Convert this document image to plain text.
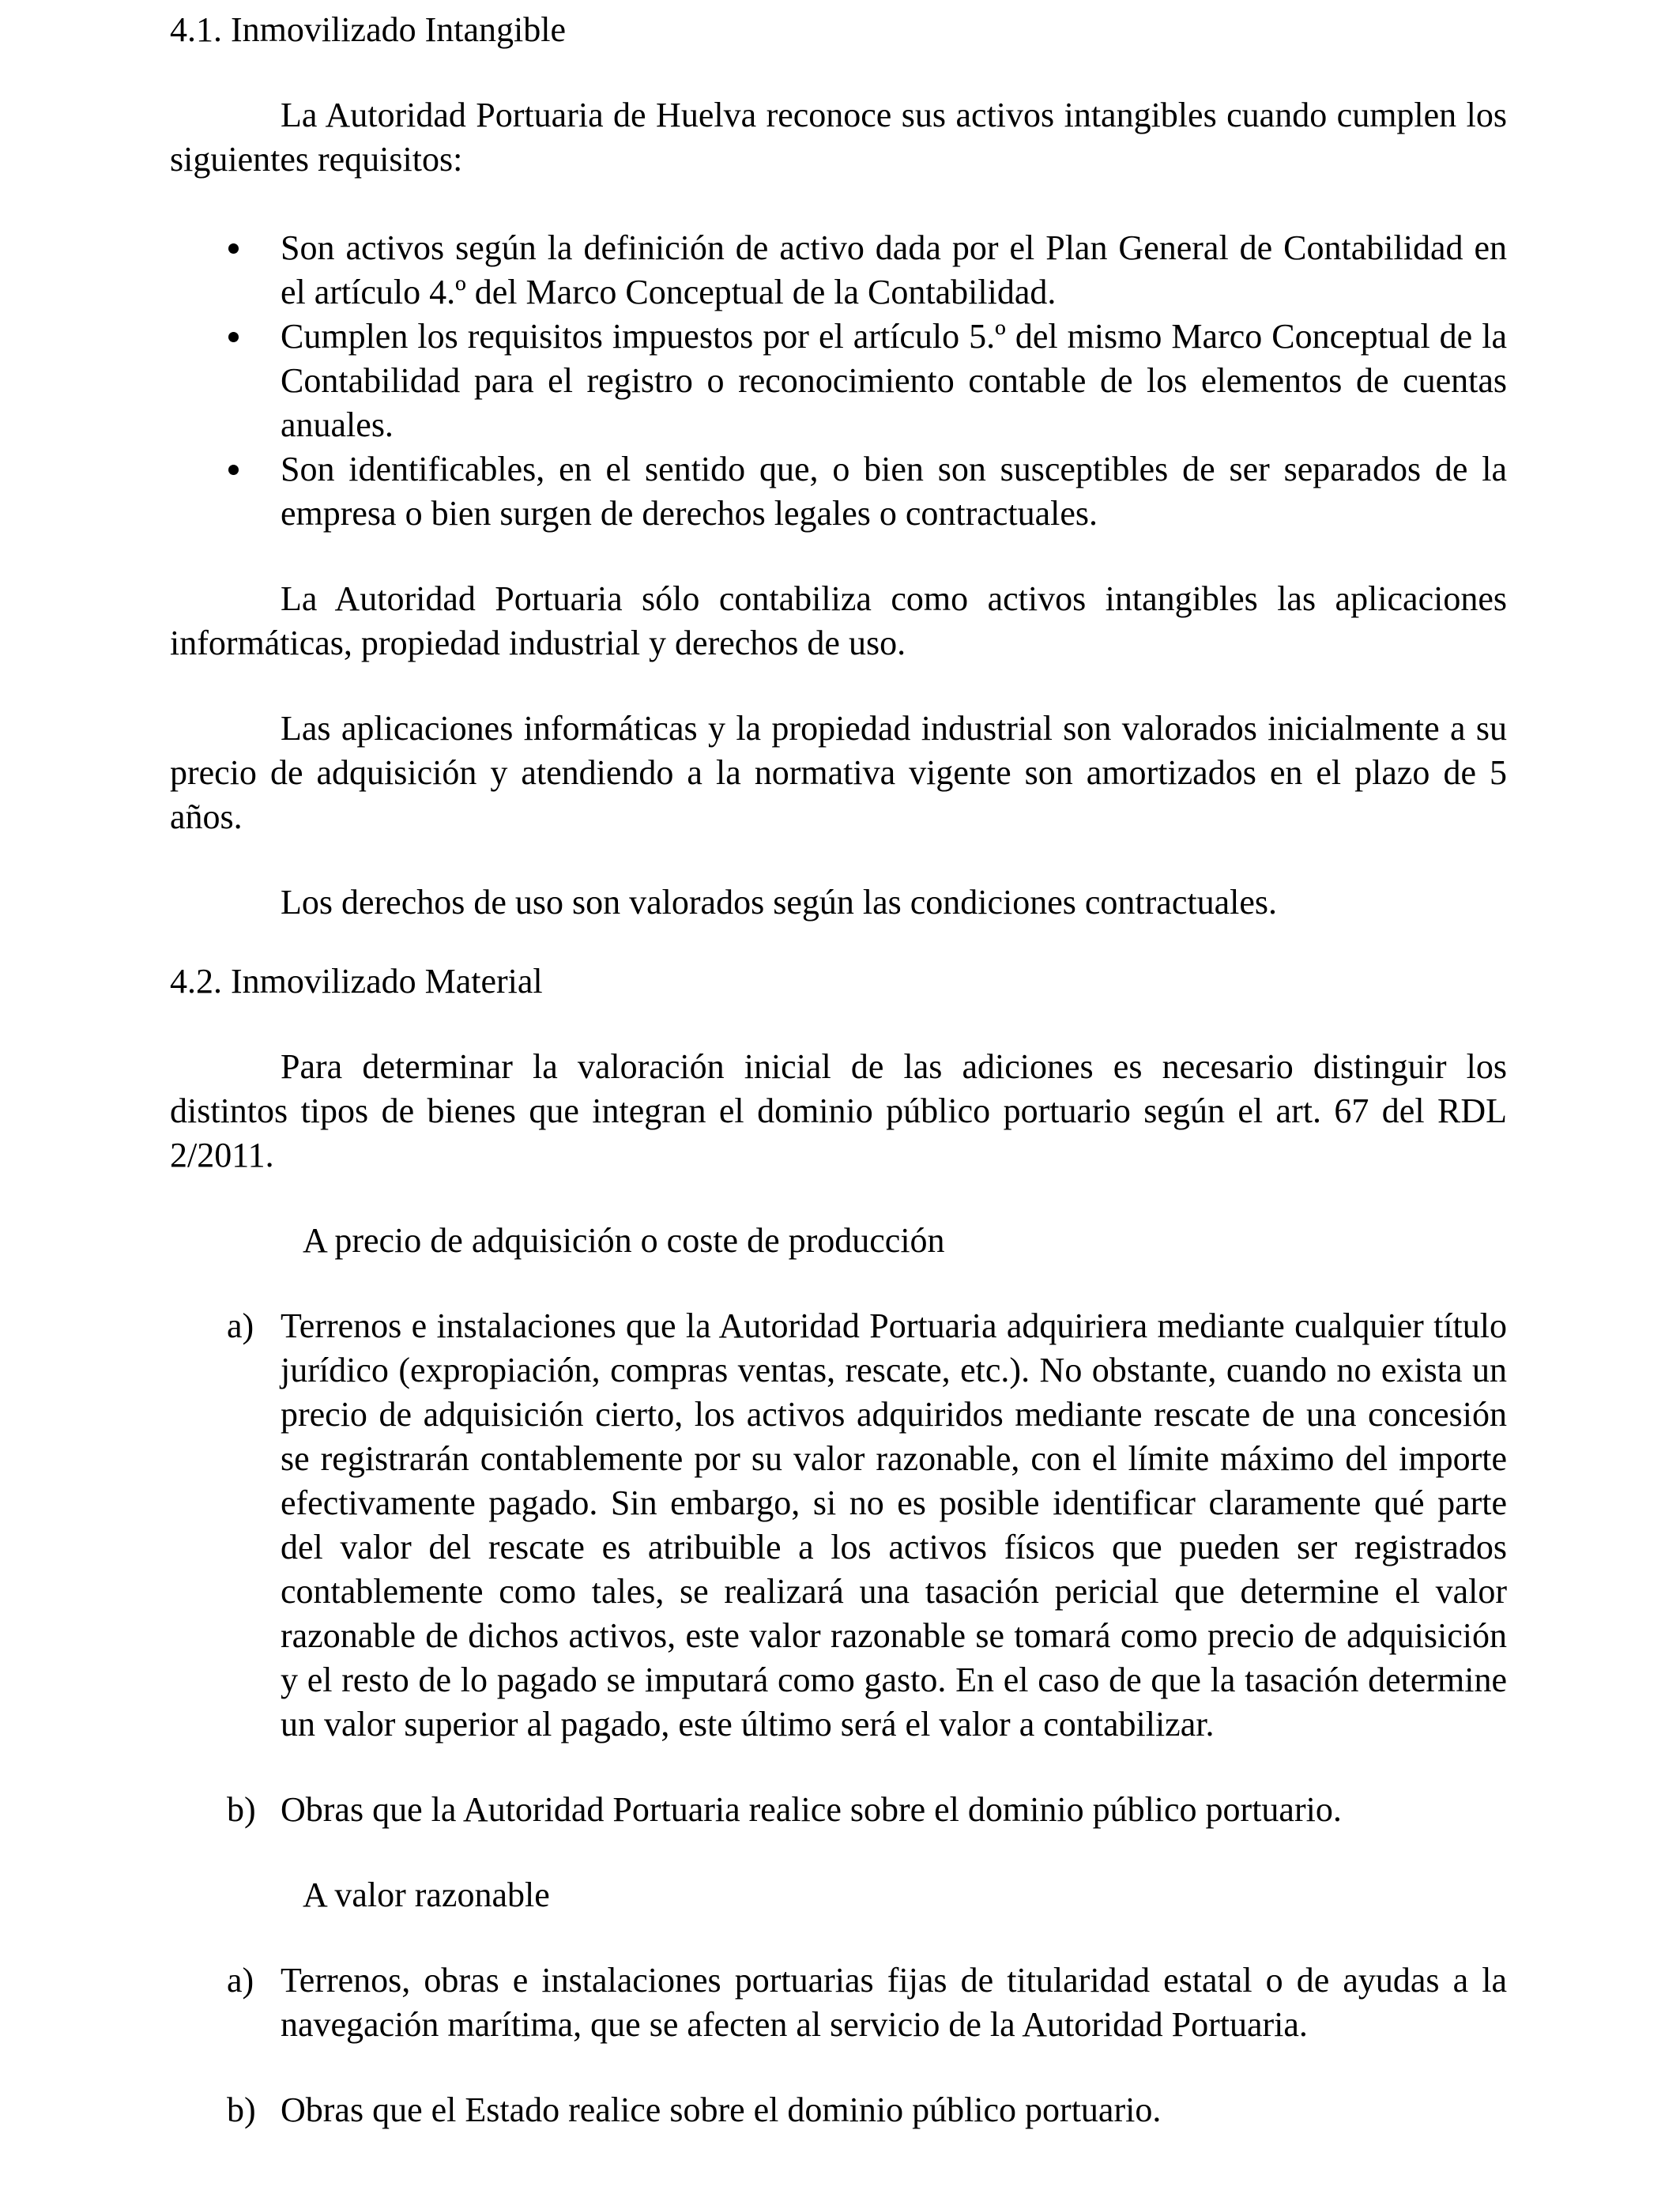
4.1. Inmovilizado Intangible

La Autoridad Portuaria de Huelva reconoce sus activos intangibles cuando cumplen los siguientes requisitos:

Son activos según la definición de activo dada por el Plan General de Contabilidad en el artículo 4.º del Marco Conceptual de la Contabilidad.
Cumplen los requisitos impuestos por el artículo 5.º del mismo Marco Conceptual de la Contabilidad para el registro o reconocimiento contable de los elementos de cuentas anuales.
Son identificables, en el sentido que, o bien son susceptibles de ser separados de la empresa o bien surgen de derechos legales o contractuales.

La Autoridad Portuaria sólo contabiliza como activos intangibles las aplicaciones informáticas, propiedad industrial y derechos de uso.

Las aplicaciones informáticas y la propiedad industrial son valorados inicialmente a su precio de adquisición y atendiendo a la normativa vigente son amortizados en el plazo de 5 años.

Los derechos de uso son valorados según las condiciones contractuales.

4.2. Inmovilizado Material

Para determinar la valoración inicial de las adiciones es necesario distinguir los distintos tipos de bienes que integran el dominio público portuario según el art. 67 del RDL 2/2011.

A precio de adquisición o coste de producción

a) Terrenos e instalaciones que la Autoridad Portuaria adquiriera mediante cualquier título jurídico (expropiación, compras ventas, rescate, etc.). No obstante, cuando no exista un precio de adquisición cierto, los activos adquiridos mediante rescate de una concesión se registrarán contablemente por su valor razonable, con el límite máximo del importe efectivamente pagado. Sin embargo, si no es posible identificar claramente qué parte del valor del rescate es atribuible a los activos físicos que pueden ser registrados contablemente como tales, se realizará una tasación pericial que determine el valor razonable de dichos activos, este valor razonable se tomará como precio de adquisición y el resto de lo pagado se imputará como gasto. En el caso de que la tasación determine un valor superior al pagado, este último será el valor a contabilizar.
b) Obras que la Autoridad Portuaria realice sobre el dominio público portuario.

A valor razonable

a) Terrenos, obras e instalaciones portuarias fijas de titularidad estatal o de ayudas a la navegación marítima, que se afecten al servicio de la Autoridad Portuaria.
b) Obras que el Estado realice sobre el dominio público portuario.
